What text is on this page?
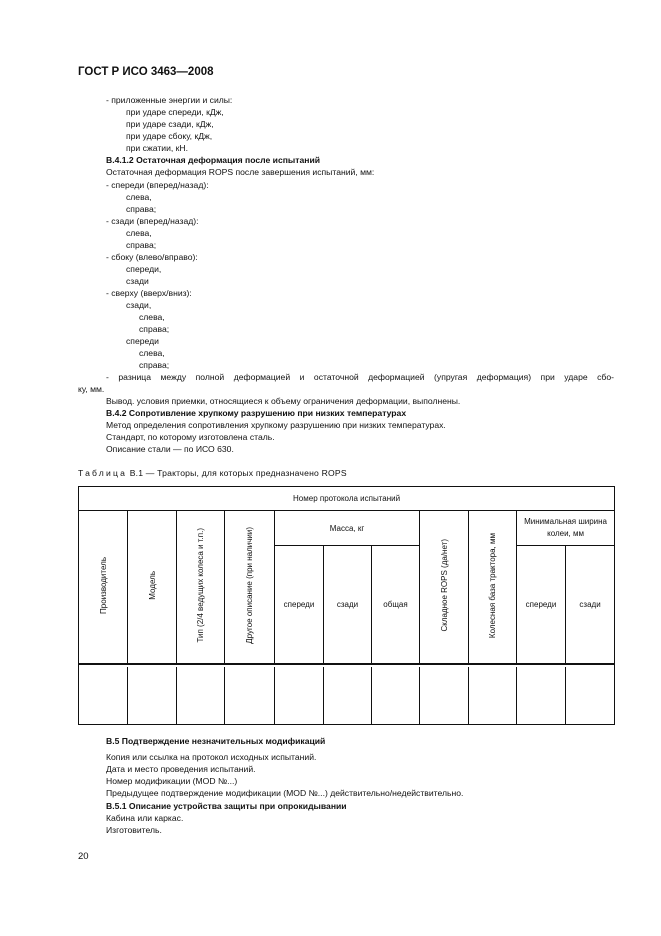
ГОСТ Р ИСО 3463—2008
- приложенные энергии и силы:
при ударе спереди, кДж,
при ударе сзади, кДж,
при ударе сбоку, кДж,
при сжатии, кН.
В.4.1.2 Остаточная деформация после испытаний
Остаточная деформация ROPS после завершения испытаний, мм:
- спереди (вперед/назад):
слева,
справа;
- сзади (вперед/назад):
слева,
справа;
- сбоку (влево/вправо):
спереди,
сзади
- сверху (вверх/вниз):
сзади,
слева,
справа;
спереди
слева,
справа;
- разница между полной деформацией и остаточной деформацией (упругая деформация) при ударе сбо-
ку, мм.
Вывод. условия приемки, относящиеся к объему ограничения деформации, выполнены.
В.4.2 Сопротивление хрупкому разрушению при низких температурах
Метод определения сопротивления хрупкому разрушению при низких температурах.
Стандарт, по которому изготовлена сталь.
Описание стали — по ИСО 630.
Таблица В.1 — Тракторы, для которых предназначено ROPS
Номер протокола испытаний										
Производитель	Модель	Тип (2/4 ведущих колеса и т.п.)	Другое описание (при наличии)	Масса, кг			Складное ROPS (да/нет)	Колесная база трактора, мм	Минимальная ширина колеи, мм	
				спереди	сзади	общая			спереди	сзади

В.5 Подтверждение незначительных модификаций
Копия или ссылка на протокол исходных испытаний.
Дата и место проведения испытаний.
Номер модификации (MOD №...)
Предыдущее подтверждение модификации (MOD №...) действительно/недействительно.
В.5.1 Описание устройства защиты при опрокидывании
Кабина или каркас.
Изготовитель.
20
